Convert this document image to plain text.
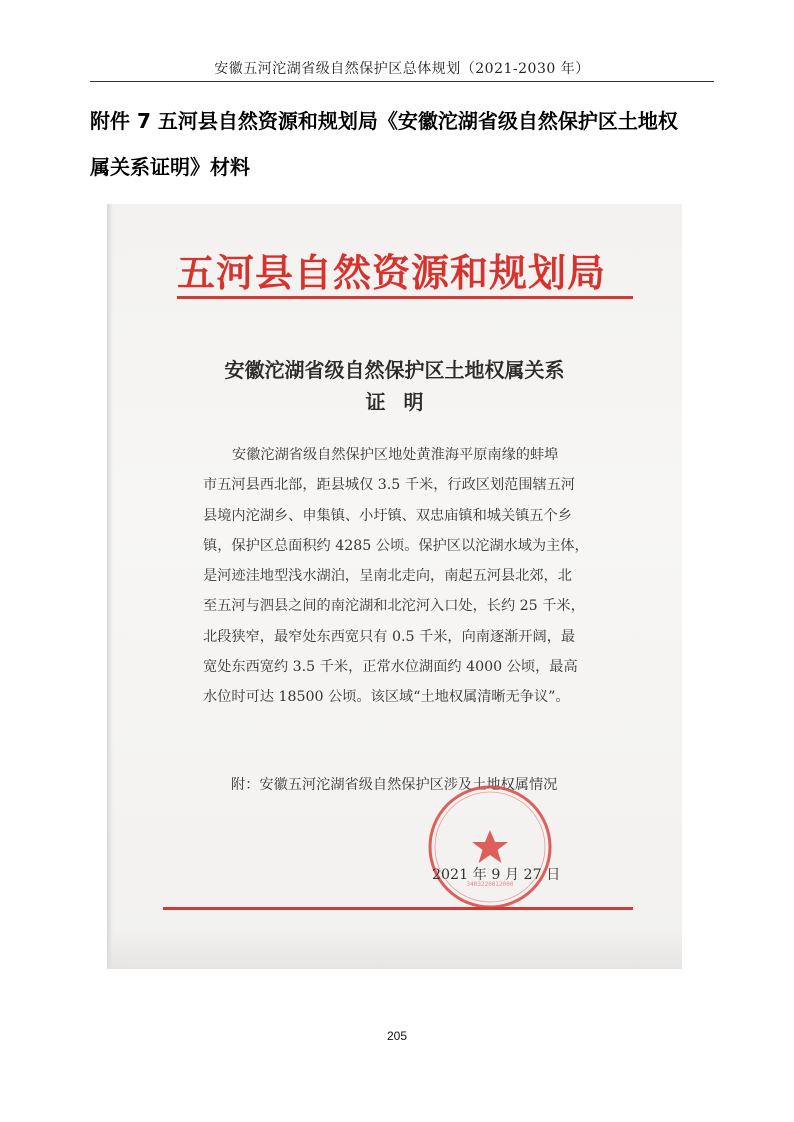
安徽五河沱湖省级自然保护区总体规划（2021-2030 年）
附件 7 五河县自然资源和规划局《安徽沱湖省级自然保护区土地权
属关系证明》材料
五河县自然资源和规划局
安徽沱湖省级自然保护区土地权属关系
证明
安徽沱湖省级自然保护区地处黄淮海平原南缘的蚌埠
市五河县西北部，距县城仅 3.5 千米，行政区划范围辖五河
县境内沱湖乡、申集镇、小圩镇、双忠庙镇和城关镇五个乡
镇，保护区总面积约 4285 公顷。保护区以沱湖水域为主体，
是河迹洼地型浅水湖泊，呈南北走向，南起五河县北郊，北
至五河与泗县之间的南沱湖和北沱河入口处，长约 25 千米，
北段狭窄，最窄处东西宽只有 0.5 千米，向南逐渐开阔，最
宽处东西宽约 3.5 千米，正常水位湖面约 4000 公顷，最高
水位时可达 18500 公顷。该区域“土地权属清晰无争议”。
附：安徽五河沱湖省级自然保护区涉及土地权属情况
3403220012000
2021 年 9 月 27 日
205
